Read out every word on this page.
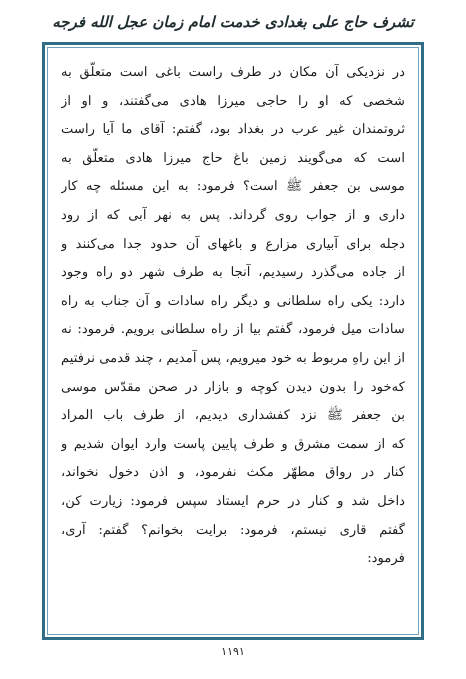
تشرف حاج علی بغدادی خدمت امام زمان عجل الله فرجه
در نزدیکی آن مکان در طرف راست باغی است متعلّق به
شخصی که او را حاجی میرزا هادی می‌گفتند، و او از
ثروتمندان غیر عرب در بغداد بود، گفتم: آقای ما آیا راست
است که می‌گویند زمین باغ حاج میرزا هادی متعلّق به
موسی بن جعفر ﷺ است؟ فرمود: به این مسئله چه کار
داری و از جواب روی گرداند. پس به نهر آبی که از رود
دجله برای آبیاری مزارع و باغهای آن حدود جدا می‌کنند و
از جاده می‌گذرد رسیدیم، آنجا به طرف شهر دو راه وجود
دارد: یکی راه سلطانی و دیگر راه سادات و آن جناب به راه
سادات میل فرمود، گفتم بیا از راه سلطانی برویم. فرمود: نه
از این راهِ مربوط به خود میرویم، پس آمدیم ، چند قدمی نرفتیم
که‌خود را بدون دیدن کوچه و بازار در صحن مقدّس موسی
بن جعفر ﷺ نزد کفشداری دیدیم، از طرف باب المراد
که از سمت مشرق و طرف پایین پاست وارد ایوان شدیم و
کنار در رواق مطهّر مکث نفرمود، و اذن دخول نخواند،
داخل شد و کنار در حرم ایستاد سپس فرمود: زیارت کن،
گفتم قاری نیستم، فرمود: برایت بخوانم؟ گفتم: آری،
فرمود:
۱۱۹۱
